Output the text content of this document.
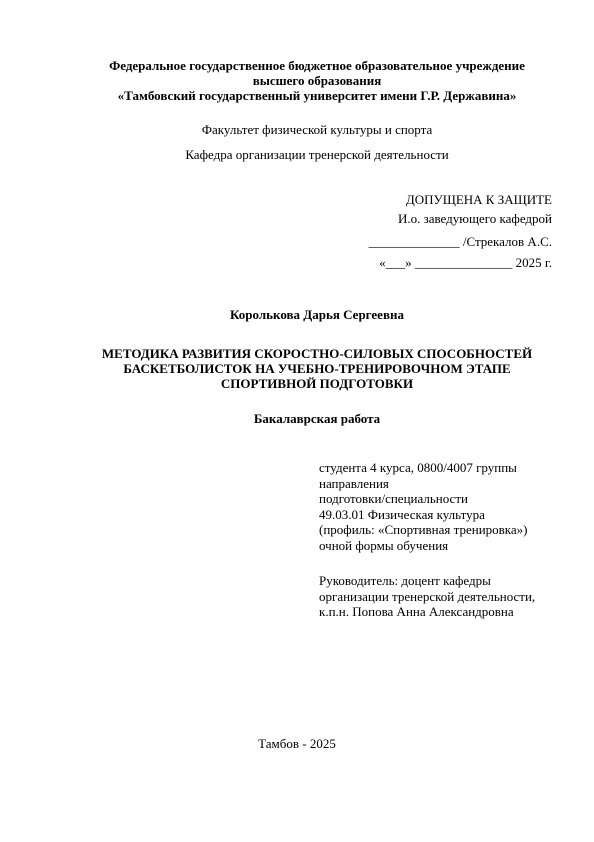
Федеральное государственное бюджетное образовательное учреждение
высшего образования
«Тамбовский государственный университет имени Г.Р. Державина»
Факультет физической культуры и спорта
Кафедра организации тренерской деятельности
ДОПУЩЕНА К ЗАЩИТЕ
И.о. заведующего кафедрой
______________ /Стрекалов А.С.
«___» _______________ 2025 г.
Королькова Дарья Сергеевна
МЕТОДИКА РАЗВИТИЯ СКОРОСТНО-СИЛОВЫХ СПОСОБНОСТЕЙ
БАСКЕТБОЛИСТОК НА УЧЕБНО-ТРЕНИРОВОЧНОМ ЭТАПЕ
СПОРТИВНОЙ ПОДГОТОВКИ
Бакалаврская работа
студента 4 курса, 0800/4007 группы
направления
подготовки/специальности
49.03.01 Физическая культура
(профиль: «Спортивная тренировка»)
очной формы обучения
Руководитель: доцент кафедры
организации тренерской деятельности,
к.п.н. Попова Анна Александровна
Тамбов - 2025
